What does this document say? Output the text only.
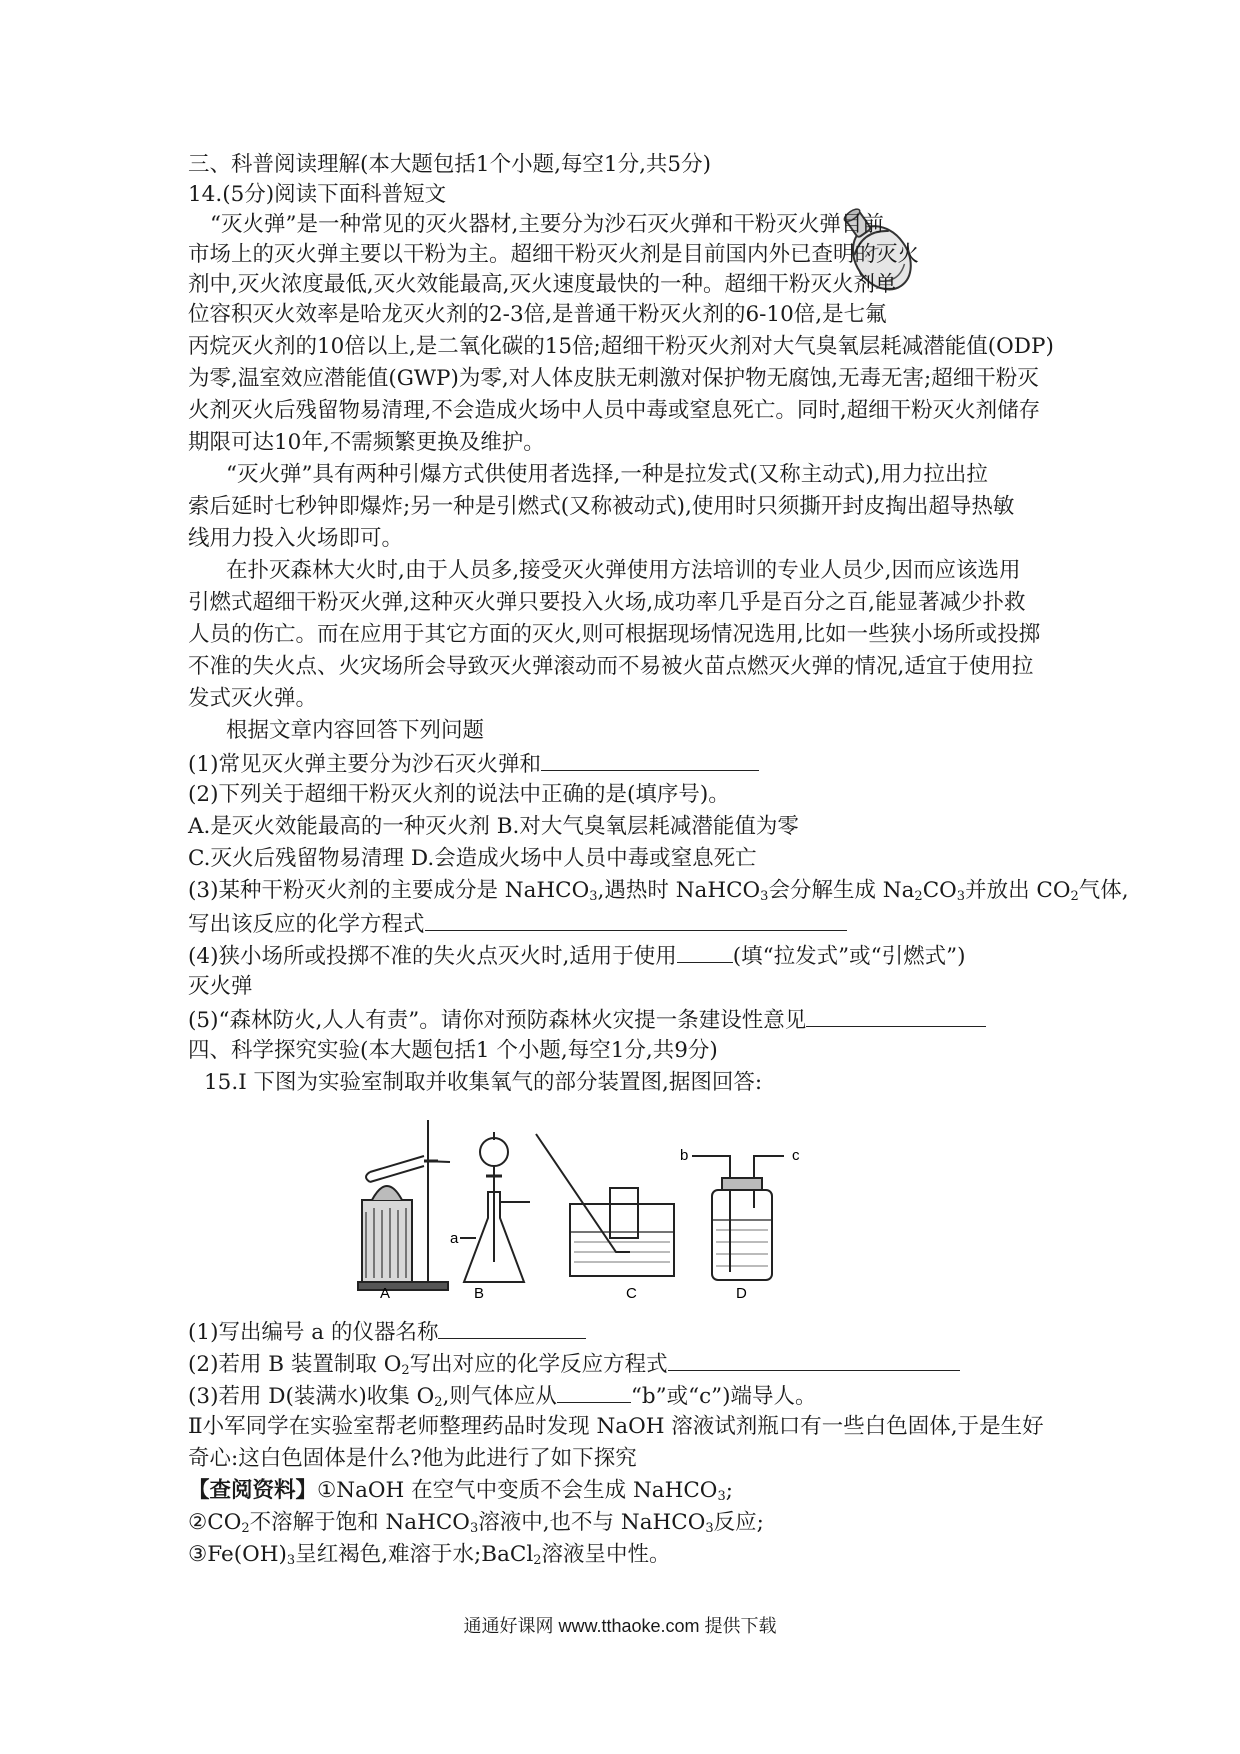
三、科普阅读理解(本大题包括1个小题,每空1分,共5分)
14.(5分)阅读下面科普短文
“灭火弹”是一种常见的灭火器材,主要分为沙石灭火弹和干粉灭火弹目前
市场上的灭火弹主要以干粉为主。超细干粉灭火剂是目前国内外已查明的灭火
剂中,灭火浓度最低,灭火效能最高,灭火速度最快的一种。超细干粉灭火剂单
位容积灭火效率是哈龙灭火剂的2-3倍,是普通干粉灭火剂的6-10倍,是七氟
丙烷灭火剂的10倍以上,是二氧化碳的15倍;超细干粉灭火剂对大气臭氧层耗减潜能值(ODP)
为零,温室效应潜能值(GWP)为零,对人体皮肤无刺激对保护物无腐蚀,无毒无害;超细干粉灭
火剂灭火后残留物易清理,不会造成火场中人员中毒或窒息死亡。同时,超细干粉灭火剂储存
期限可达10年,不需频繁更换及维护。
“灭火弹”具有两种引爆方式供使用者选择,一种是拉发式(又称主动式),用力拉出拉
索后延时七秒钟即爆炸;另一种是引燃式(又称被动式),使用时只须撕开封皮掏出超导热敏
线用力投入火场即可。
在扑灭森林大火时,由于人员多,接受灭火弹使用方法培训的专业人员少,因而应该选用
引燃式超细干粉灭火弹,这种灭火弹只要投入火场,成功率几乎是百分之百,能显著减少扑救
人员的伤亡。而在应用于其它方面的灭火,则可根据现场情况选用,比如一些狭小场所或投掷
不准的失火点、火灾场所会导致灭火弹滚动而不易被火苗点燃灭火弹的情况,适宜于使用拉
发式灭火弹。
根据文章内容回答下列问题
(1)常见灭火弹主要分为沙石灭火弹和
(2)下列关于超细干粉灭火剂的说法中正确的是(填序号)。
A.是灭火效能最高的一种灭火剂 B.对大气臭氧层耗减潜能值为零
C.灭火后残留物易清理 D.会造成火场中人员中毒或窒息死亡
(3)某种干粉灭火剂的主要成分是 NaHCO$_3$,遇热时 NaHCO$_3$会分解生成 $Na_2CO_3$并放出 $CO_2$气体,
写出该反应的化学方程式
(4)狭小场所或投掷不准的失火点灭火时,适用于使用	(填“拉发式”或“引燃式”)
灭火弹
(5)“森林防火,人人有责”。请你对预防森林火灾提一条建设性意见
四、科学探究实验(本大题包括1 个小题,每空1分,共9分)
15.I 下图为实验室制取并收集氧气的部分装置图,据图回答:
A	B	C	D
a
b	c
(1)写出编号 a 的仪器名称
(2)若用 B 装置制取 $O_2$写出对应的化学反应方程式
(3)若用 D(装满水)收集 $O_2$,则气体应从	“b”或“c”)端导人。
Ⅱ小军同学在实验室帮老师整理药品时发现 NaOH 溶液试剂瓶口有一些白色固体,于是生好
奇心:这白色固体是什么?他为此进行了如下探究
【查阅资料】①NaOH 在空气中变质不会生成 NaHCO$_3$;
$②CO_2$不溶解于饱和 NaHCO$_3$溶液中,也不与 NaHCO$_3$反应;
$③Fe(OH)_3$呈红褐色,难溶于水;BaCl$_2$溶液呈中性。
通通好课网 www.tthaoke.com 提供下载
